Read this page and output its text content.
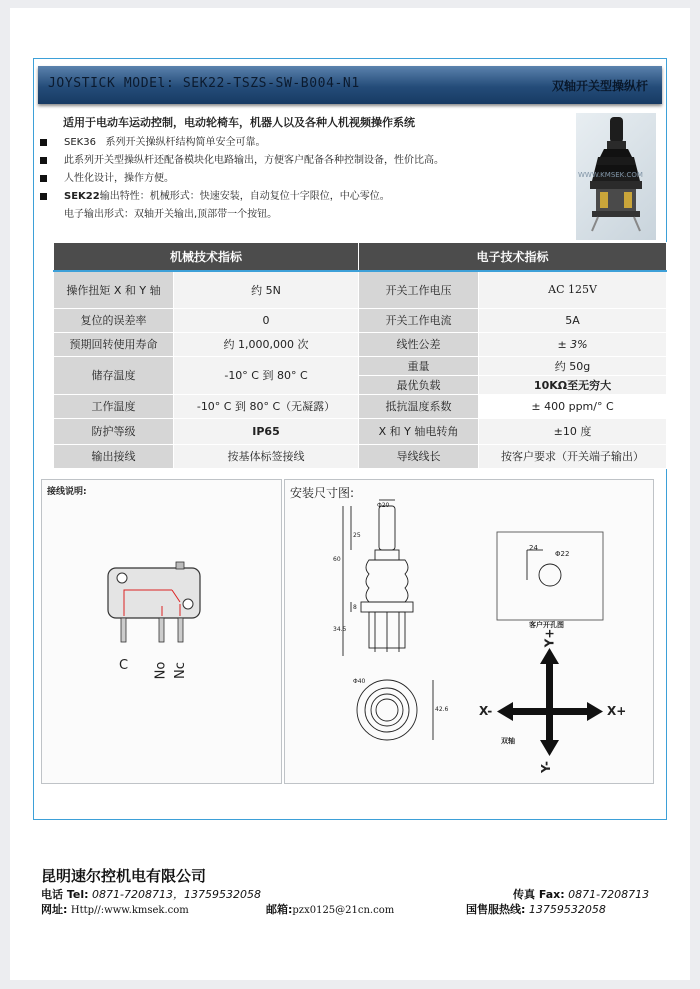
JOYSTICK MODEl: SEK22-TSZS-SW-B004-N1	双轴开关型操纵杆
适用于电动车运动控制，电动轮椅车，机器人以及各种人机视频操作系统
SEK36 系列开关操纵杆结构简单安全可靠。
此系列开关型操纵杆还配备模块化电路输出，方便客户配备各种控制设备，性价比高。
人性化设计，操作方便。
SEK22输出特性：机械形式：快速安装，自动复位十字限位，中心零位。
电子输出形式：双轴开关输出,顶部带一个按钮。
WWW.KMSEK.COM
机械技术指标		电子技术指标	
操作扭矩 X 和 Y 轴	约 5N	开关工作电压	AC 125V
复位的误差率	0	开关工作电流	5A
预期回转使用寿命	约 1,000,000 次	线性公差	± 3%
储存温度	-10° C 到 80° C	重量	约 50g
		最优负载	10KΩ至无穷大
工作温度	-10° C 到 80° C（无凝露）	抵抗温度系数	± 400 ppm/° C
防护等级	IP65	X 和 Y 轴电转角	±10 度
输出接线	按基体标签接线	导线线长	按客户要求（开关端子输出）
接线说明:
C No Nc
安装尺寸图:
Φ20
25
60
8
34.5
Φ40
42.6
24
Φ22
客户开孔图
Y+
Y-
X-	X+
双轴
昆明速尔控机电有限公司
电话 Tel: 0871-7208713，13759532058	传真 Fax: 0871-7208713
网址: Http//:www.kmsek.com	邮箱:pzx0125@21cn.com	国售服热线: 13759532058
